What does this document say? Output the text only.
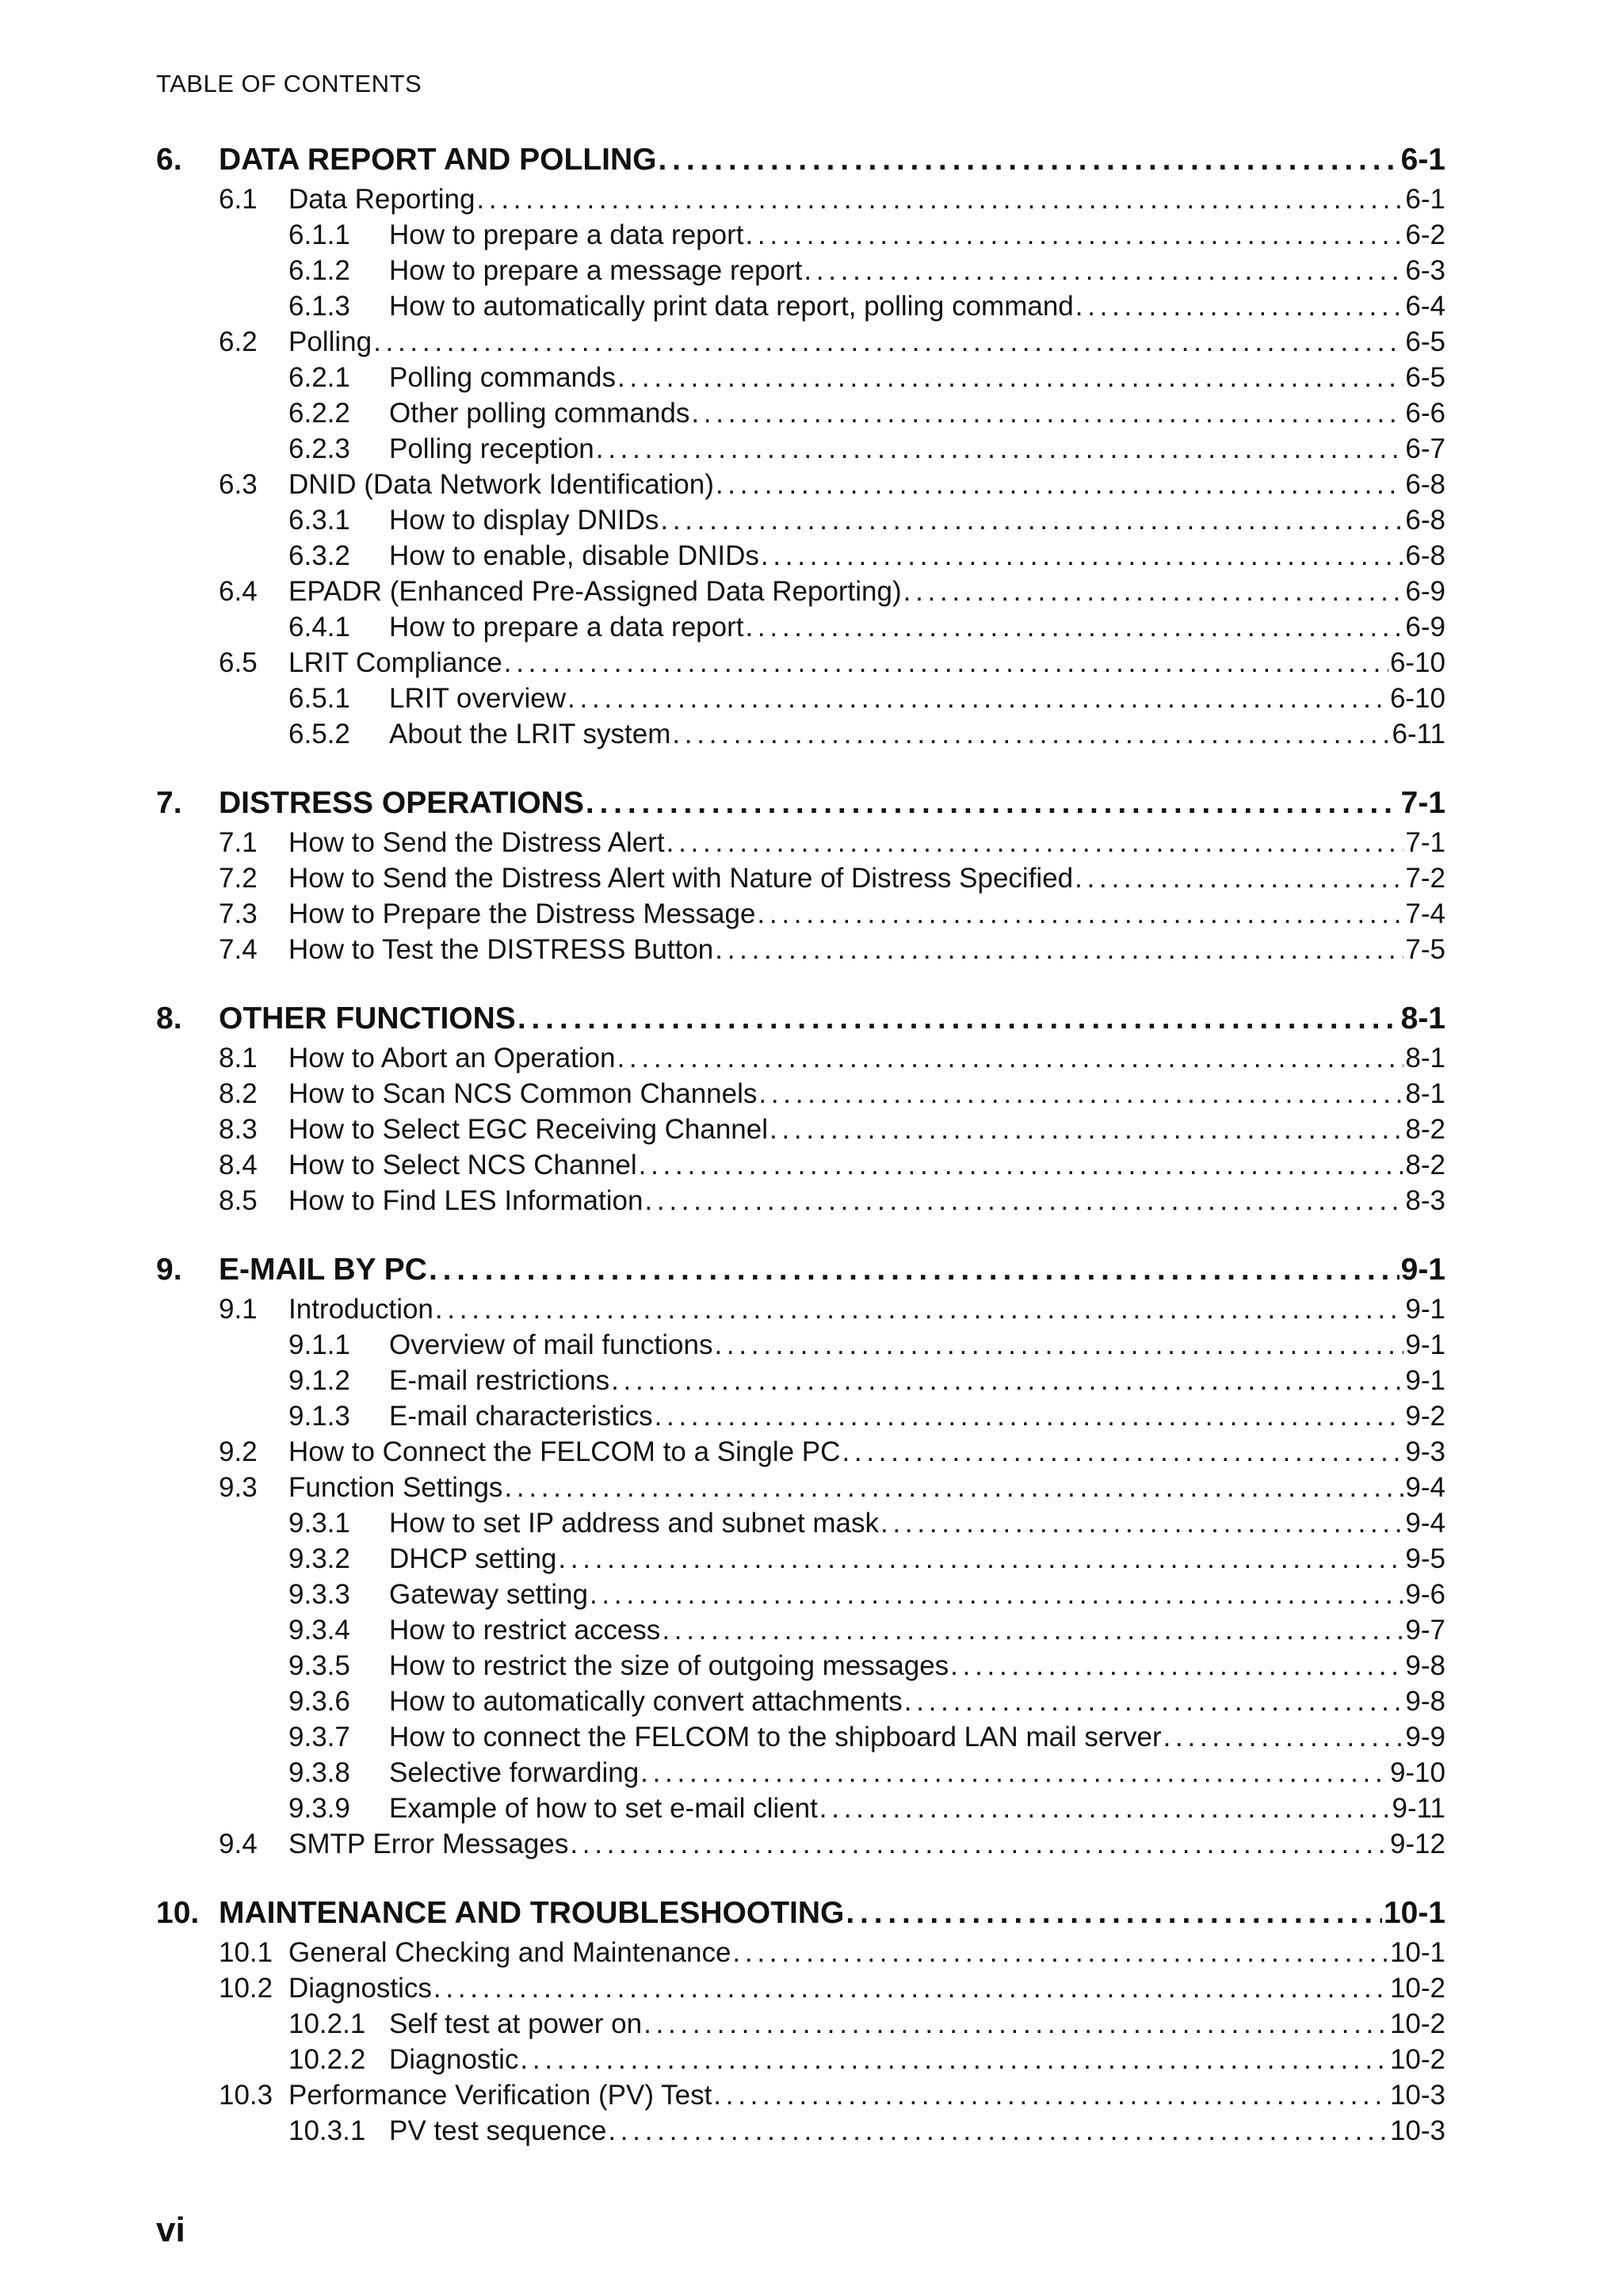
TABLE OF CONTENTS
6.	DATA REPORT AND POLLING . . .	6-1
6.1	Data Reporting . . .	6-1
6.1.1	How to prepare a data report . . .	6-2
6.1.2	How to prepare a message report . . .	6-3
6.1.3	How to automatically print data report, polling command . . .	6-4
6.2	Polling . . .	6-5
6.2.1	Polling commands . . .	6-5
6.2.2	Other polling commands . . .	6-6
6.2.3	Polling reception . . .	6-7
6.3	DNID (Data Network Identification) . . .	6-8
6.3.1	How to display DNIDs . . .	6-8
6.3.2	How to enable, disable DNIDs . . .	6-8
6.4	EPADR (Enhanced Pre-Assigned Data Reporting) . . .	6-9
6.4.1	How to prepare a data report . . .	6-9
6.5	LRIT Compliance . . .	6-10
6.5.1	LRIT overview . . .	6-10
6.5.2	About the LRIT system . . .	6-11
7.	DISTRESS OPERATIONS . . .	7-1
7.1	How to Send the Distress Alert . . .	7-1
7.2	How to Send the Distress Alert with Nature of Distress Specified . . .	7-2
7.3	How to Prepare the Distress Message . . .	7-4
7.4	How to Test the DISTRESS Button . . .	7-5
8.	OTHER FUNCTIONS . . .	8-1
8.1	How to Abort an Operation . . .	8-1
8.2	How to Scan NCS Common Channels . . .	8-1
8.3	How to Select EGC Receiving Channel . . .	8-2
8.4	How to Select NCS Channel . . .	8-2
8.5	How to Find LES Information . . .	8-3
9.	E-MAIL BY PC . . .	9-1
9.1	Introduction . . .	9-1
9.1.1	Overview of mail functions . . .	9-1
9.1.2	E-mail restrictions . . .	9-1
9.1.3	E-mail characteristics . . .	9-2
9.2	How to Connect the FELCOM to a Single PC . . .	9-3
9.3	Function Settings . . .	9-4
9.3.1	How to set IP address and subnet mask . . .	9-4
9.3.2	DHCP setting . . .	9-5
9.3.3	Gateway setting . . .	9-6
9.3.4	How to restrict access . . .	9-7
9.3.5	How to restrict the size of outgoing messages . . .	9-8
9.3.6	How to automatically convert attachments . . .	9-8
9.3.7	How to connect the FELCOM to the shipboard LAN mail server . . .	9-9
9.3.8	Selective forwarding . . .	9-10
9.3.9	Example of how to set e-mail client . . .	9-11
9.4	SMTP Error Messages . . .	9-12
10. MAINTENANCE AND TROUBLESHOOTING . . .	10-1
10.1 General Checking and Maintenance . . .	10-1
10.2 Diagnostics . . .	10-2
10.2.1 Self test at power on . . .	10-2
10.2.2 Diagnostic . . .	10-2
10.3 Performance Verification (PV) Test . . .	10-3
10.3.1 PV test sequence . . .	10-3
vi
